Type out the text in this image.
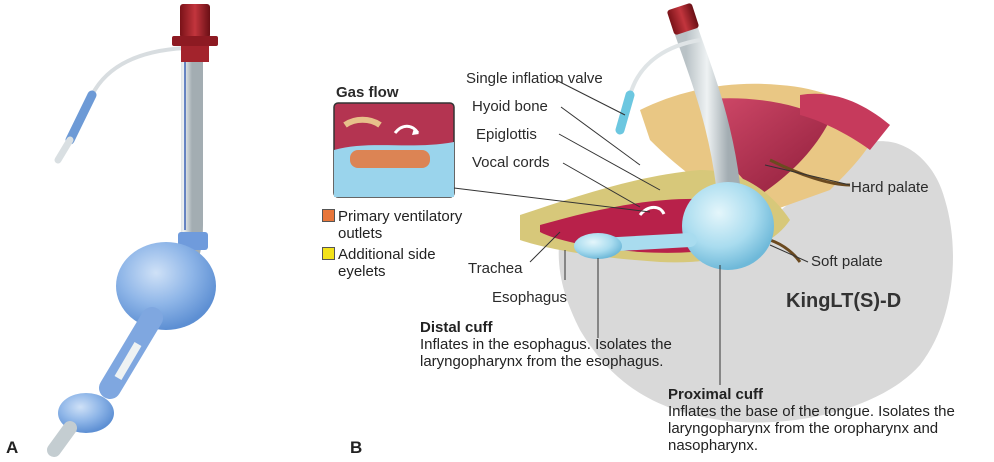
A	B
Gas flow
Primary ventilatory
outlets
Additional side
eyelets
Single inflation valve
Hyoid bone
Epiglottis
Vocal cords
Trachea
Esophagus
Hard palate
Soft palate
KingLT(S)-D
Distal cuff
Inflates in the esophagus. Isolates the
laryngopharynx from the esophagus.
Proximal cuff
Inflates the base of the tongue. Isolates the
laryngopharynx from the oropharynx and
nasopharynx.
